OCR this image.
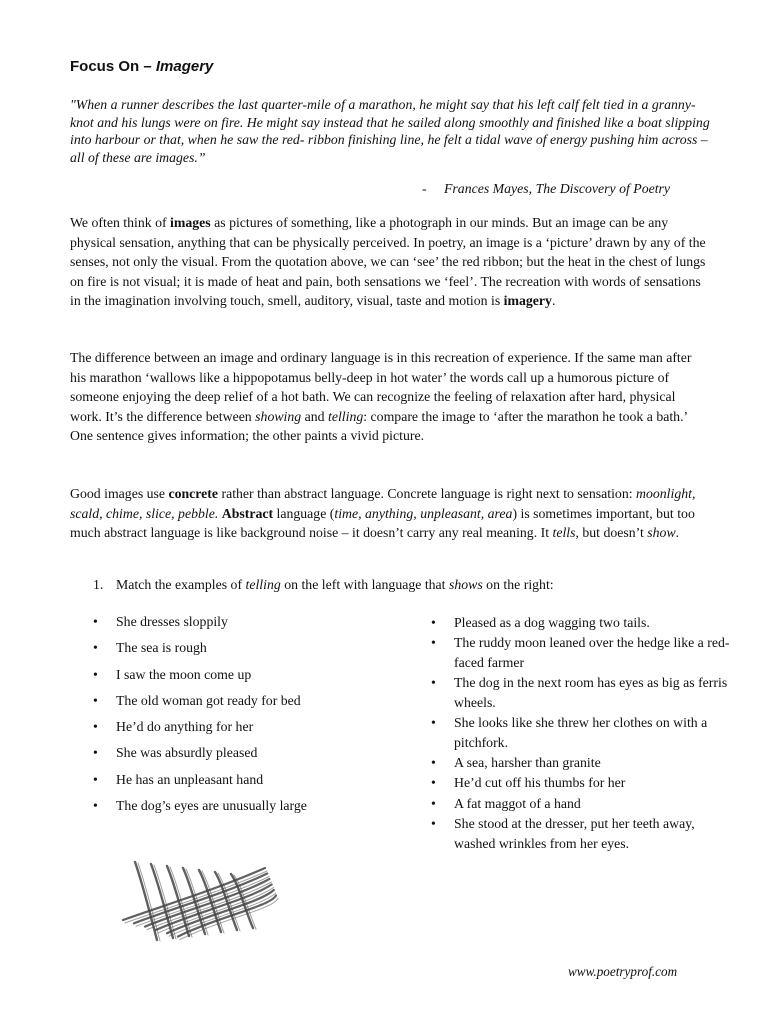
Focus On – Imagery
"When a runner describes the last quarter-mile of a marathon, he might say that his left calf felt tied in a granny-knot and his lungs were on fire. He might say instead that he sailed along smoothly and finished like a boat slipping into harbour or that, when he saw the red- ribbon finishing line, he felt a tidal wave of energy pushing him across – all of these are images.”
- Frances Mayes, The Discovery of Poetry
We often think of images as pictures of something, like a photograph in our minds. But an image can be any physical sensation, anything that can be physically perceived. In poetry, an image is a ‘picture’ drawn by any of the senses, not only the visual. From the quotation above, we can ‘see’ the red ribbon; but the heat in the chest of lungs on fire is not visual; it is made of heat and pain, both sensations we ‘feel’. The recreation with words of sensations in the imagination involving touch, smell, auditory, visual, taste and motion is imagery.
The difference between an image and ordinary language is in this recreation of experience. If the same man after his marathon ‘wallows like a hippopotamus belly-deep in hot water’ the words call up a humorous picture of someone enjoying the deep relief of a hot bath. We can recognize the feeling of relaxation after hard, physical work. It’s the difference between showing and telling: compare the image to ‘after the marathon he took a bath.’ One sentence gives information; the other paints a vivid picture.
Good images use concrete rather than abstract language. Concrete language is right next to sensation: moonlight, scald, chime, slice, pebble. Abstract language (time, anything, unpleasant, area) is sometimes important, but too much abstract language is like background noise – it doesn’t carry any real meaning. It tells, but doesn’t show.
1. Match the examples of telling on the left with language that shows on the right:
• She dresses sloppily
• The sea is rough
• I saw the moon come up
• The old woman got ready for bed
• He’d do anything for her
• She was absurdly pleased
• He has an unpleasant hand
• The dog’s eyes are unusually large
• Pleased as a dog wagging two tails.
• The ruddy moon leaned over the hedge like a red-faced farmer
• The dog in the next room has eyes as big as ferris wheels.
• She looks like she threw her clothes on with a pitchfork.
• A sea, harsher than granite
• He’d cut off his thumbs for her
• A fat maggot of a hand
• She stood at the dresser, put her teeth away, washed wrinkles from her eyes.
www.poetryprof.com
